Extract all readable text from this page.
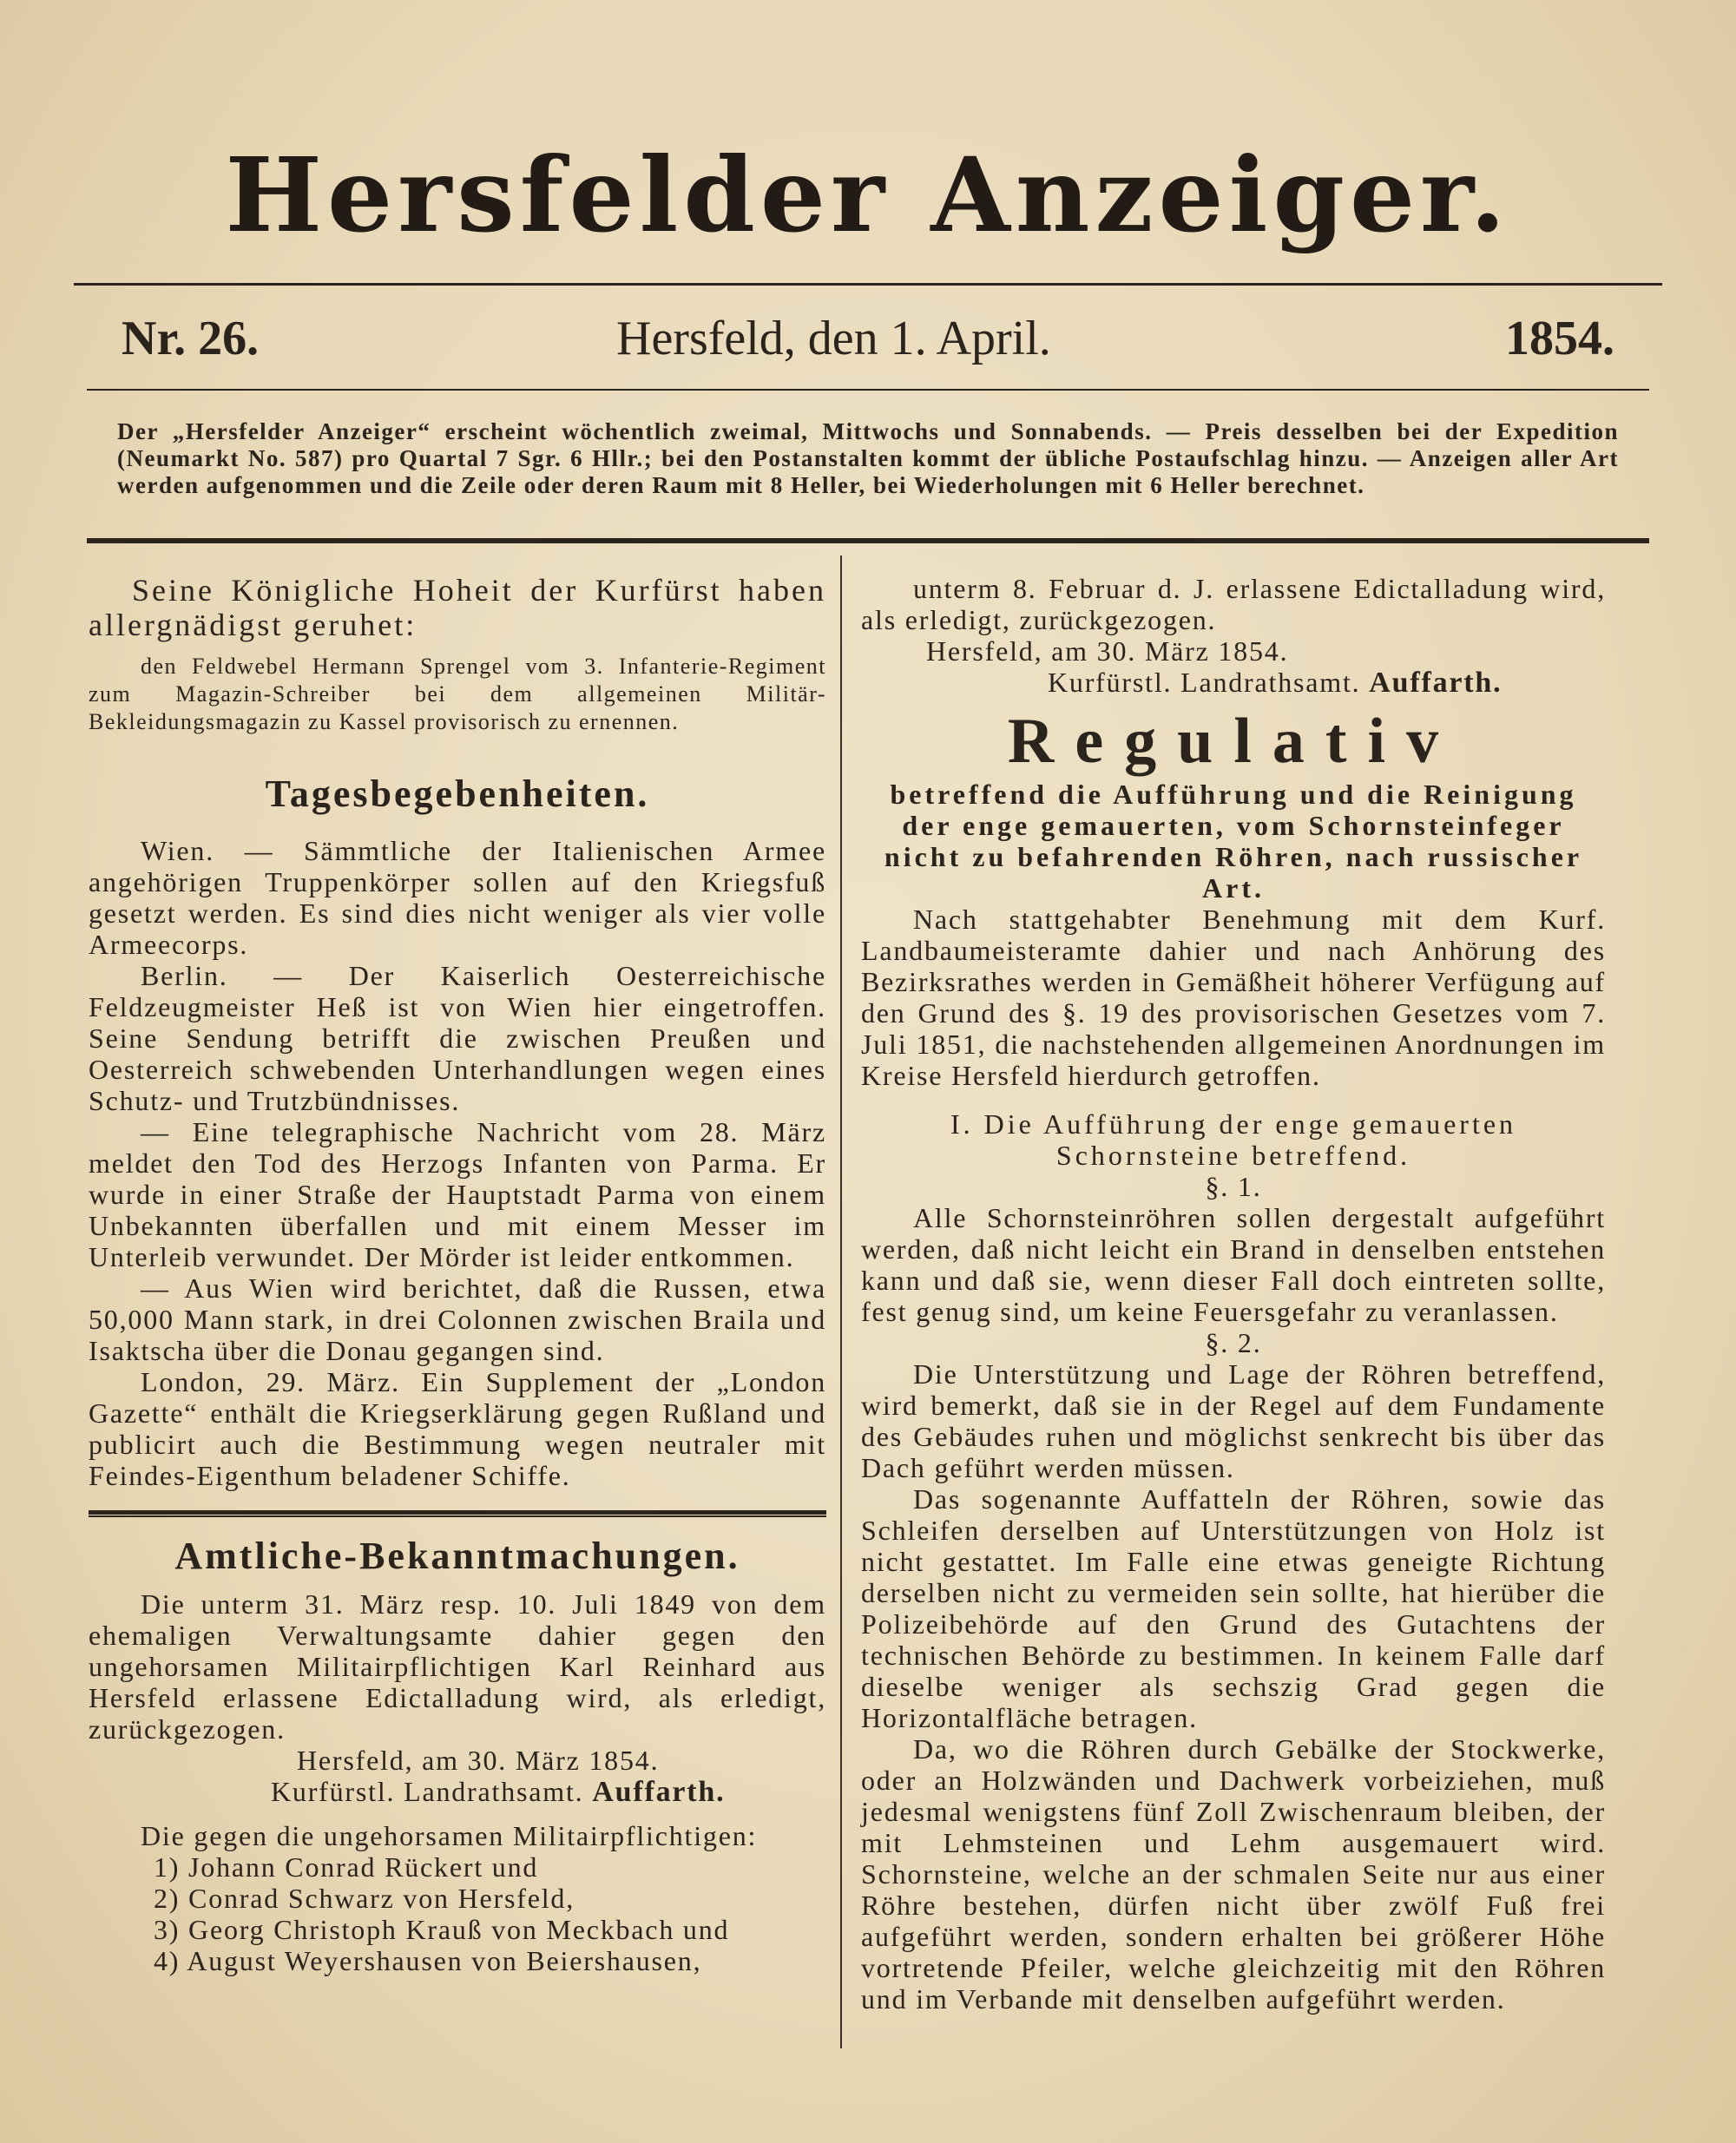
Hersfelder Anzeiger.
Nr. 26.	Hersfeld, den 1. April.	1854.
Der „Hersfelder Anzeiger“ erscheint wöchentlich zweimal, Mittwochs und Sonnabends. — Preis desselben bei der Expedition (Neumarkt No. 587) pro Quartal 7 Sgr. 6 Hllr.; bei den Postanstalten kommt der übliche Postaufschlag hinzu. — Anzeigen aller Art werden aufgenommen und die Zeile oder deren Raum mit 8 Heller, bei Wiederholungen mit 6 Heller berechnet.

Seine Königliche Hoheit der Kurfürst haben allergnädigst geruhet:

den Feldwebel Hermann Sprengel vom 3. Infanterie-Regiment zum Magazin-Schreiber bei dem allgemeinen Militär-Bekleidungsmagazin zu Kassel provisorisch zu ernennen.

Tagesbegebenheiten.

Wien. — Sämmtliche der Italienischen Armee angehörigen Truppenkörper sollen auf den Kriegsfuß gesetzt werden. Es sind dies nicht weniger als vier volle Armeecorps.

Berlin. — Der Kaiserlich Oesterreichische Feldzeugmeister Heß ist von Wien hier eingetroffen. Seine Sendung betrifft die zwischen Preußen und Oesterreich schwebenden Unterhandlungen wegen eines Schutz- und Trutzbündnisses.

— Eine telegraphische Nachricht vom 28. März meldet den Tod des Herzogs Infanten von Parma. Er wurde in einer Straße der Hauptstadt Parma von einem Unbekannten überfallen und mit einem Messer im Unterleib verwundet. Der Mörder ist leider entkommen.

— Aus Wien wird berichtet, daß die Russen, etwa 50,000 Mann stark, in drei Colonnen zwischen Braila und Isaktscha über die Donau gegangen sind.

London, 29. März. Ein Supplement der „London Gazette“ enthält die Kriegserklärung gegen Rußland und publicirt auch die Bestimmung wegen neutraler mit Feindes-Eigenthum beladener Schiffe.

Amtliche-Bekanntmachungen.

Die unterm 31. März resp. 10. Juli 1849 von dem ehemaligen Verwaltungsamte dahier gegen den ungehorsamen Militairpflichtigen Karl Reinhard aus Hersfeld erlassene Edictalladung wird, als erledigt, zurückgezogen.

Hersfeld, am 30. März 1854.

Kurfürstl. Landrathsamt. Auffarth.

Die gegen die ungehorsamen Militairpflichtigen:

1) Johann Conrad Rückert und

2) Conrad Schwarz von Hersfeld,

3) Georg Christoph Krauß von Meckbach und

4) August Weyershausen von Beiershausen,

unterm 8. Februar d. J. erlassene Edictalladung wird, als erledigt, zurückgezogen.

Hersfeld, am 30. März 1854.

Kurfürstl. Landrathsamt. Auffarth.

Regulativ

betreffend die Aufführung und die Reinigung der enge gemauerten, vom Schornsteinfeger nicht zu befahrenden Röhren, nach russischer Art.

Nach stattgehabter Benehmung mit dem Kurf. Landbaumeisteramte dahier und nach Anhörung des Bezirksrathes werden in Gemäßheit höherer Verfügung auf den Grund des §. 19 des provisorischen Gesetzes vom 7. Juli 1851, die nachstehenden allgemeinen Anordnungen im Kreise Hersfeld hierdurch getroffen.

I. Die Aufführung der enge gemauerten Schornsteine betreffend.

§. 1.

Alle Schornsteinröhren sollen dergestalt aufgeführt werden, daß nicht leicht ein Brand in denselben entstehen kann und daß sie, wenn dieser Fall doch eintreten sollte, fest genug sind, um keine Feuersgefahr zu veranlassen.

§. 2.

Die Unterstützung und Lage der Röhren betreffend, wird bemerkt, daß sie in der Regel auf dem Fundamente des Gebäudes ruhen und möglichst senkrecht bis über das Dach geführt werden müssen.

Das sogenannte Auffatteln der Röhren, sowie das Schleifen derselben auf Unterstützungen von Holz ist nicht gestattet. Im Falle eine etwas geneigte Richtung derselben nicht zu vermeiden sein sollte, hat hierüber die Polizeibehörde auf den Grund des Gutachtens der technischen Behörde zu bestimmen. In keinem Falle darf dieselbe weniger als sechszig Grad gegen die Horizontalfläche betragen.

Da, wo die Röhren durch Gebälke der Stockwerke, oder an Holzwänden und Dachwerk vorbeiziehen, muß jedesmal wenigstens fünf Zoll Zwischenraum bleiben, der mit Lehmsteinen und Lehm ausgemauert wird. Schornsteine, welche an der schmalen Seite nur aus einer Röhre bestehen, dürfen nicht über zwölf Fuß frei aufgeführt werden, sondern erhalten bei größerer Höhe vortretende Pfeiler, welche gleichzeitig mit den Röhren und im Verbande mit denselben aufgeführt werden.
